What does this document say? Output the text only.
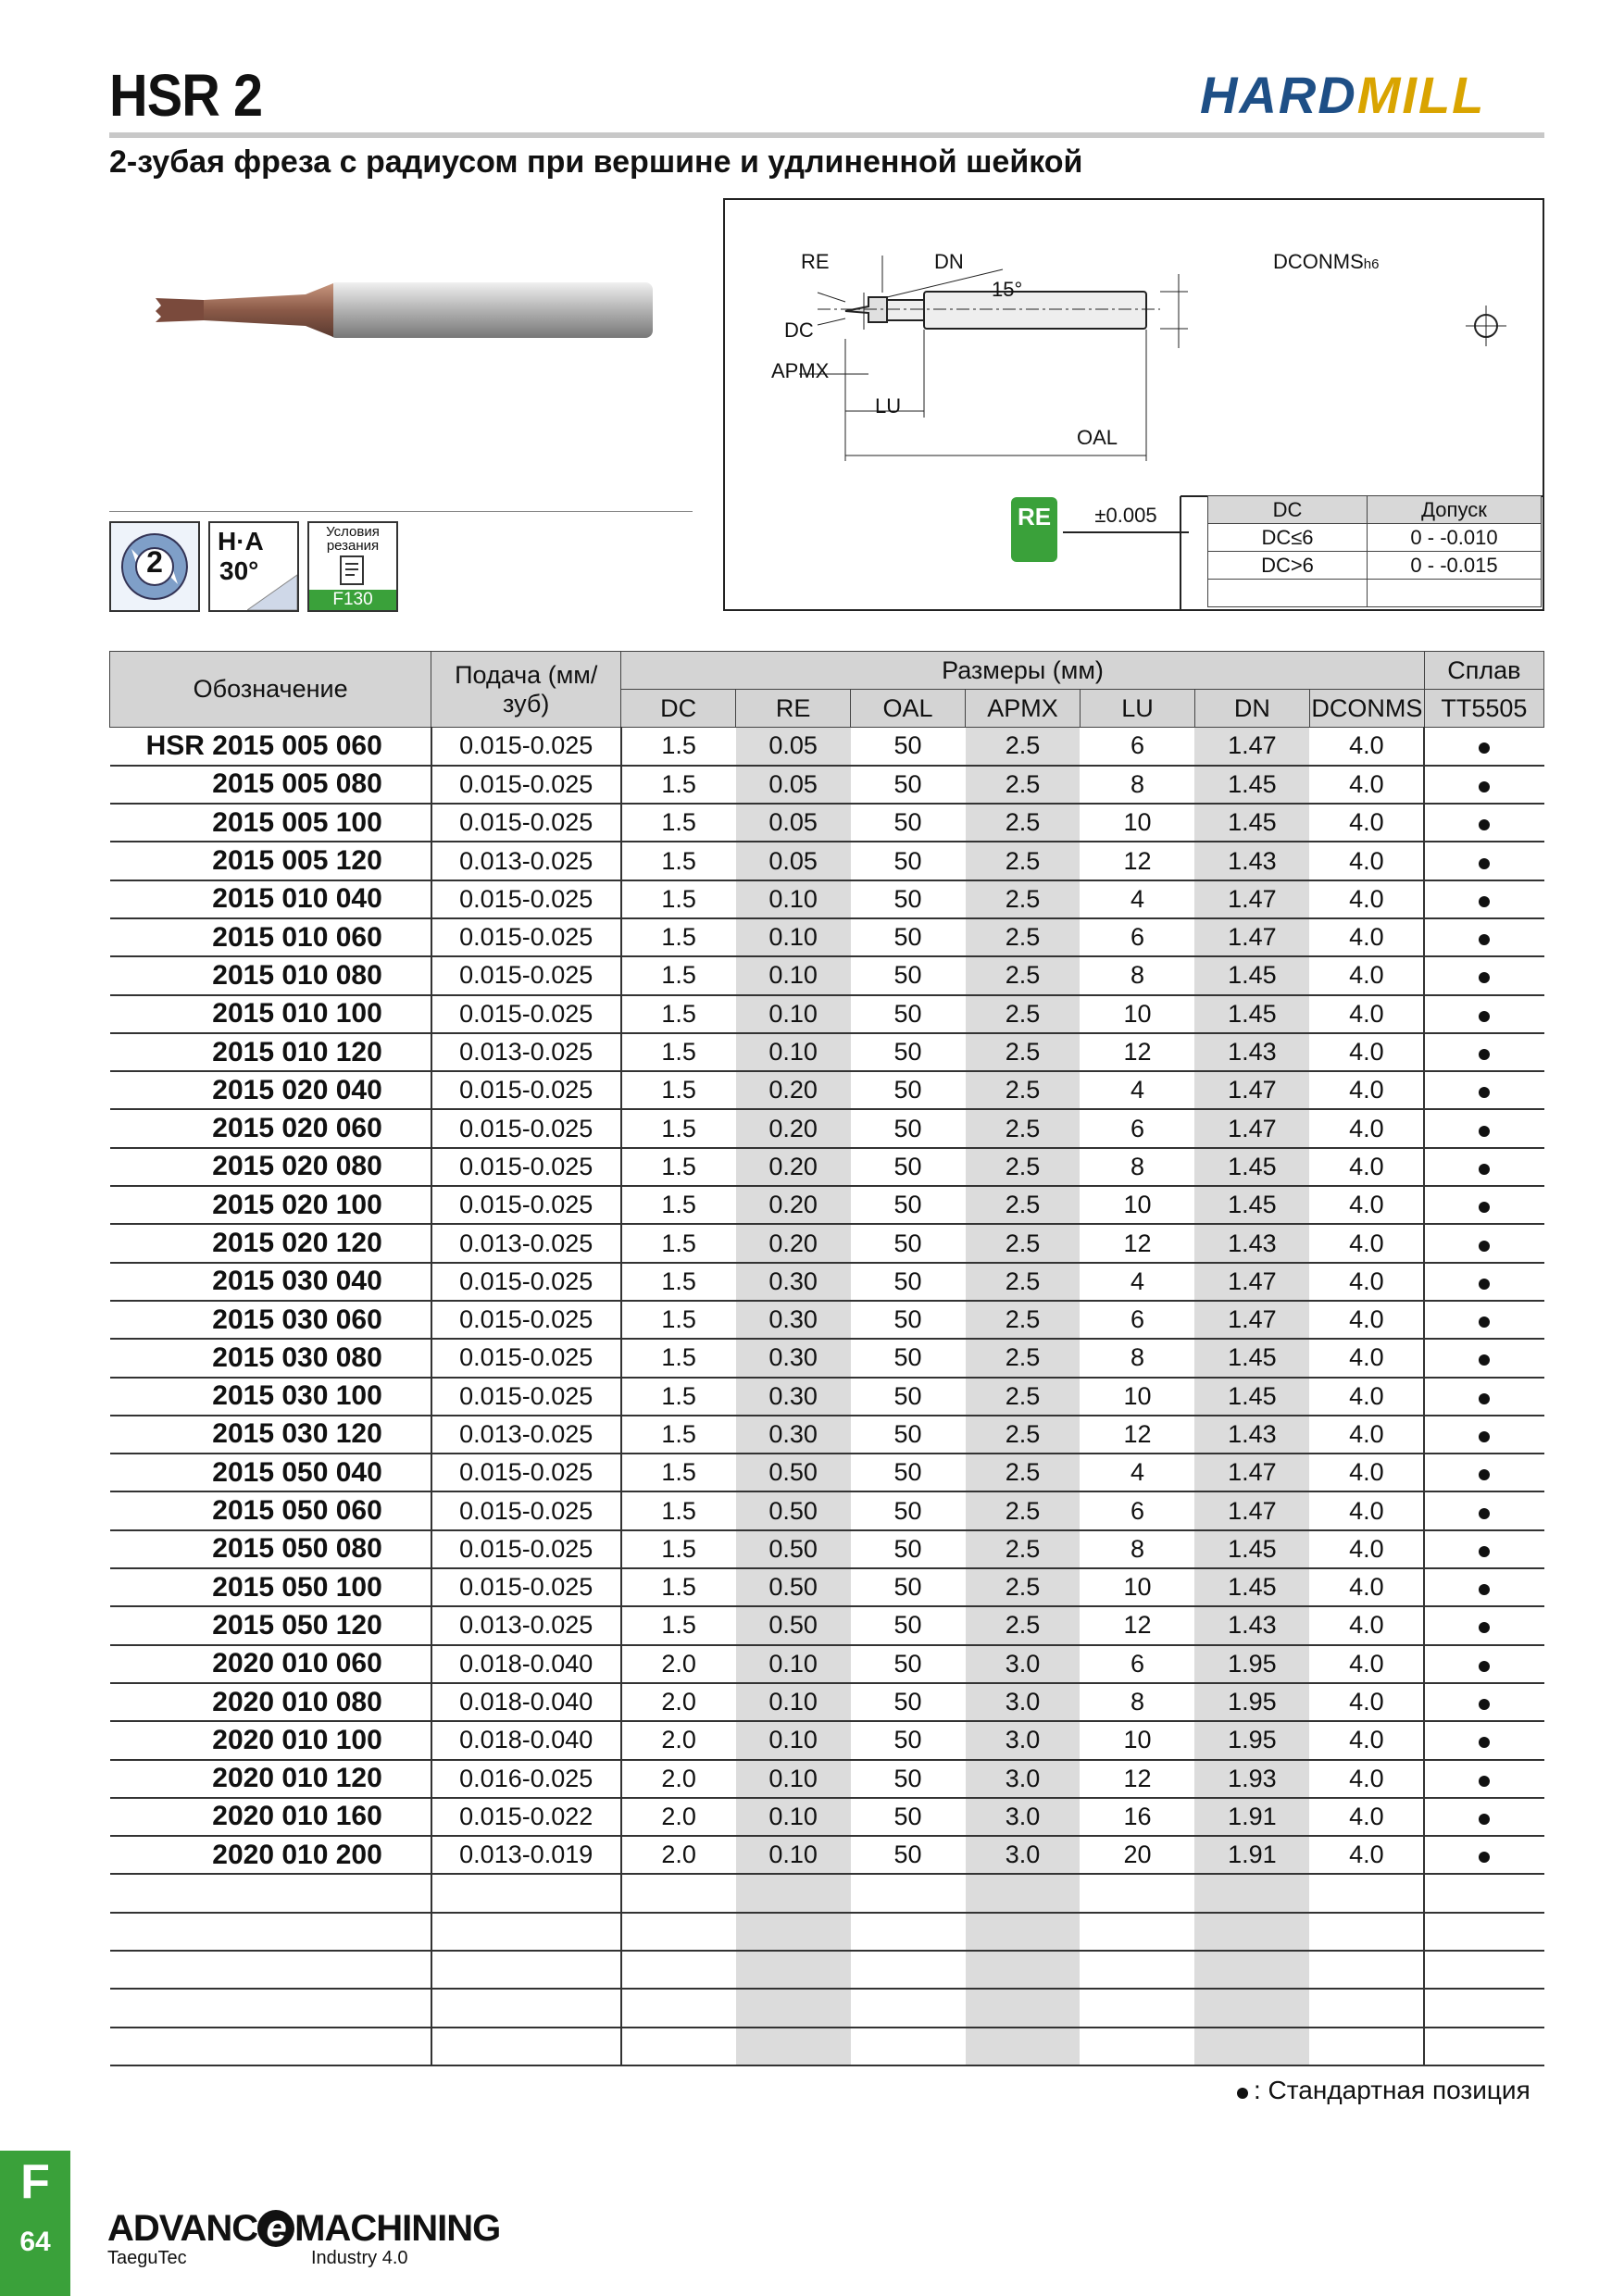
HSR 2	HARDMILL
2-зубая фреза с радиусом при вершине и удлиненной шейкой
2
H·A
30°
Условия резания
F130
RE	DN	DCONMSh6
15°
DC
APMX
LU
OAL
RE	±0.005	DC	Допуск
DC≤6	0 - -0.010
DC>6	0 - -0.015

Обозначение	Подача (мм/зуб)	Размеры (мм)							Сплав
		DC	RE	OAL	APMX	LU	DN	DCONMS	TT5505
HSR 2015 005 060	0.015-0.025	1.5	0.05	50	2.5	6	1.47	4.0	
2015 005 080	0.015-0.025	1.5	0.05	50	2.5	8	1.45	4.0	
2015 005 100	0.015-0.025	1.5	0.05	50	2.5	10	1.45	4.0	
2015 005 120	0.013-0.025	1.5	0.05	50	2.5	12	1.43	4.0	
2015 010 040	0.015-0.025	1.5	0.10	50	2.5	4	1.47	4.0	
2015 010 060	0.015-0.025	1.5	0.10	50	2.5	6	1.47	4.0	
2015 010 080	0.015-0.025	1.5	0.10	50	2.5	8	1.45	4.0	
2015 010 100	0.015-0.025	1.5	0.10	50	2.5	10	1.45	4.0	
2015 010 120	0.013-0.025	1.5	0.10	50	2.5	12	1.43	4.0	
2015 020 040	0.015-0.025	1.5	0.20	50	2.5	4	1.47	4.0	
2015 020 060	0.015-0.025	1.5	0.20	50	2.5	6	1.47	4.0	
2015 020 080	0.015-0.025	1.5	0.20	50	2.5	8	1.45	4.0	
2015 020 100	0.015-0.025	1.5	0.20	50	2.5	10	1.45	4.0	
2015 020 120	0.013-0.025	1.5	0.20	50	2.5	12	1.43	4.0	
2015 030 040	0.015-0.025	1.5	0.30	50	2.5	4	1.47	4.0	
2015 030 060	0.015-0.025	1.5	0.30	50	2.5	6	1.47	4.0	
2015 030 080	0.015-0.025	1.5	0.30	50	2.5	8	1.45	4.0	
2015 030 100	0.015-0.025	1.5	0.30	50	2.5	10	1.45	4.0	
2015 030 120	0.013-0.025	1.5	0.30	50	2.5	12	1.43	4.0	
2015 050 040	0.015-0.025	1.5	0.50	50	2.5	4	1.47	4.0	
2015 050 060	0.015-0.025	1.5	0.50	50	2.5	6	1.47	4.0	
2015 050 080	0.015-0.025	1.5	0.50	50	2.5	8	1.45	4.0	
2015 050 100	0.015-0.025	1.5	0.50	50	2.5	10	1.45	4.0	
2015 050 120	0.013-0.025	1.5	0.50	50	2.5	12	1.43	4.0	
2020 010 060	0.018-0.040	2.0	0.10	50	3.0	6	1.95	4.0	
2020 010 080	0.018-0.040	2.0	0.10	50	3.0	8	1.95	4.0	
2020 010 100	0.018-0.040	2.0	0.10	50	3.0	10	1.95	4.0	
2020 010 120	0.016-0.025	2.0	0.10	50	3.0	12	1.93	4.0	
2020 010 160	0.015-0.022	2.0	0.10	50	3.0	16	1.91	4.0	
2020 010 200	0.013-0.019	2.0	0.10	50	3.0	20	1.91	4.0	

: Стандартная позиция
F
64	ADVANC e MACHINING
TaeguTec	Industry 4.0
